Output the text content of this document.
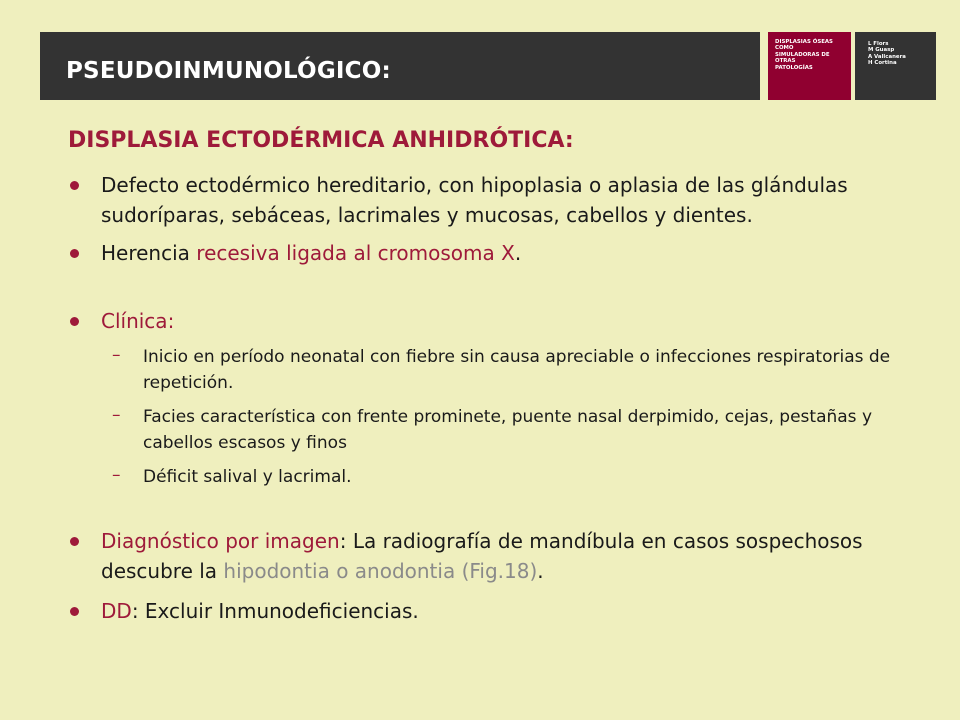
PSEUDOINMUNOLÓGICO:
DISPLASIAS ÓSEAS
COMO
SIMULADORAS DE
OTRAS
PATOLOGÍAS
L Flors
M Guasp
A Vallcanera
H Cortina
DISPLASIA ECTODÉRMICA ANHIDRÓTICA:
Defecto ectodérmico hereditario, con hipoplasia o aplasia de las glándulas sudoríparas, sebáceas, lacrimales y mucosas, cabellos y dientes.
Herencia recesiva ligada al cromosoma X.
Clínica:
– Inicio en período neonatal con fiebre sin causa apreciable o infecciones respiratorias de repetición.
– Facies característica con frente prominete, puente nasal derpimido, cejas, pestañas y cabellos escasos y finos
– Déficit salival y lacrimal.
Diagnóstico por imagen: La radiografía de mandíbula en casos sospechosos descubre la hipodontia o anodontia (Fig.18).
DD: Excluir Inmunodeficiencias.
